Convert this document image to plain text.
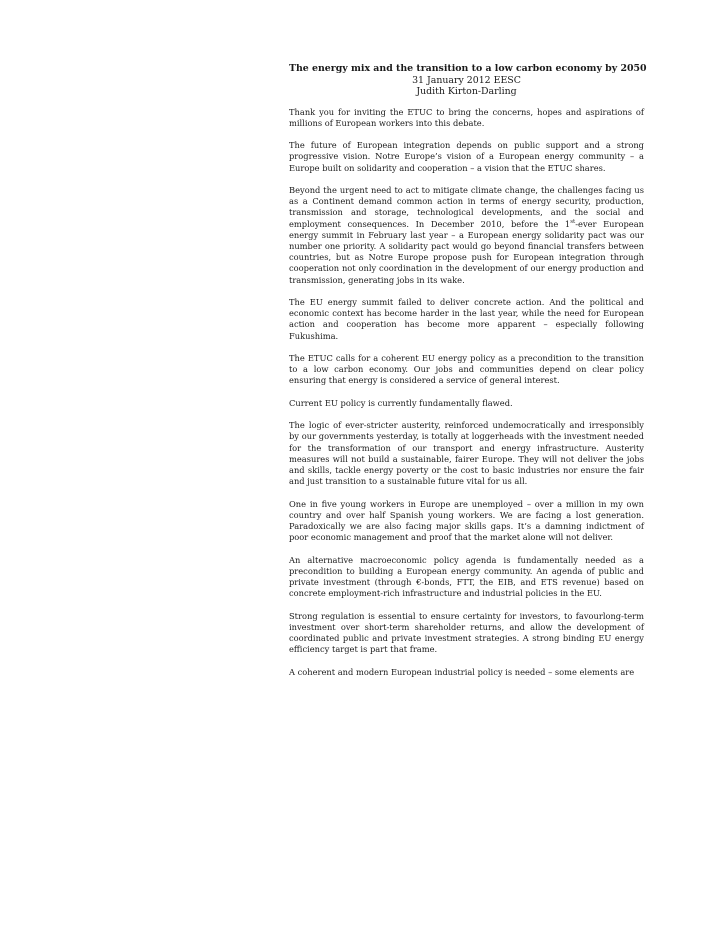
The energy mix and the transition to a low carbon economy by 2050

31 January 2012 EESC

Judith Kirton-Darling

Thank you for inviting the ETUC to bring the concerns, hopes and aspirations of millions of European workers into this debate.

The future of European integration depends on public support and a strong progressive vision. Notre Europe’s vision of a European energy community – a Europe built on solidarity and cooperation – a vision that the ETUC shares.

Beyond the urgent need to act to mitigate climate change, the challenges facing us as a Continent demand common action in terms of energy security, production, transmission and storage, technological developments, and the social and employment consequences. In December 2010, before the 1st-ever European energy summit in February last year – a European energy solidarity pact was our number one priority. A solidarity pact would go beyond financial transfers between countries, but as Notre Europe propose push for European integration through cooperation not only coordination in the development of our energy production and transmission, generating jobs in its wake.

The EU energy summit failed to deliver concrete action. And the political and economic context has become harder in the last year, while the need for European action and cooperation has become more apparent – especially following Fukushima.

The ETUC calls for a coherent EU energy policy as a precondition to the transition to a low carbon economy. Our jobs and communities depend on clear policy ensuring that energy is considered a service of general interest.

Current EU policy is currently fundamentally flawed.

The logic of ever-stricter austerity, reinforced undemocratically and irresponsibly by our governments yesterday, is totally at loggerheads with the investment needed for the transformation of our transport and energy infrastructure. Austerity measures will not build a sustainable, fairer Europe. They will not deliver the jobs and skills, tackle energy poverty or the cost to basic industries nor ensure the fair and just transition to a sustainable future vital for us all.

One in five young workers in Europe are unemployed – over a million in my own country and over half Spanish young workers. We are facing a lost generation. Paradoxically we are also facing major skills gaps. It’s a damning indictment of poor economic management and proof that the market alone will not deliver.

An alternative macroeconomic policy agenda is fundamentally needed as a precondition to building a European energy community. An agenda of public and private investment (through €-bonds, FTT, the EIB, and ETS revenue) based on concrete employment-rich infrastructure and industrial policies in the EU.

Strong regulation is essential to ensure certainty for investors, to favourlong-term investment over short-term shareholder returns, and allow the development of coordinated public and private investment strategies. A strong binding EU energy efficiency target is part that frame.

A coherent and modern European industrial policy is needed – some elements are
